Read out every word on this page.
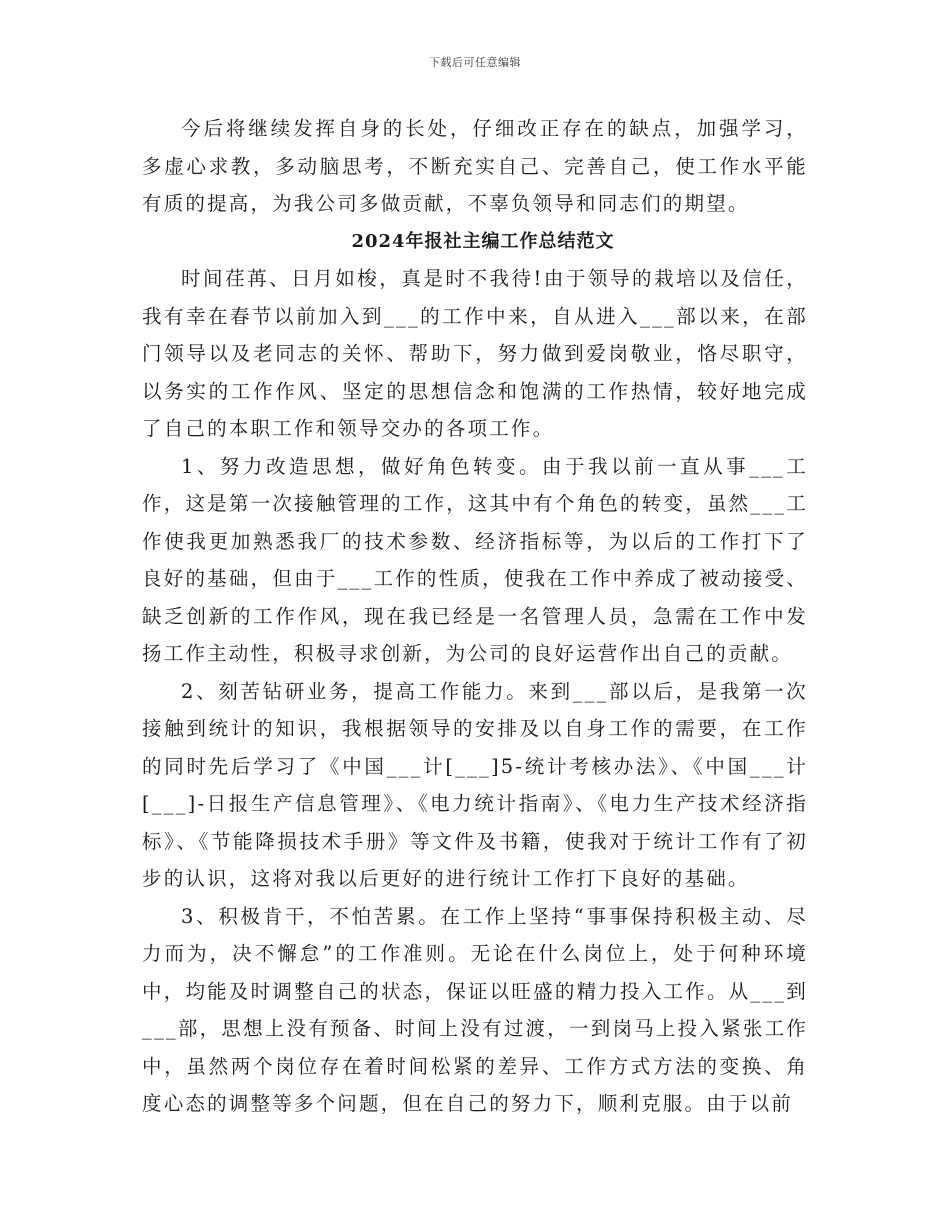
下载后可任意编辑

今后将继续发挥自身的长处，仔细改正存在的缺点，加强学习，多虚心求教，多动脑思考，不断充实自己、完善自己，使工作水平能有质的提高，为我公司多做贡献，不辜负领导和同志们的期望。

2024年报社主编工作总结范文

时间荏苒、日月如梭，真是时不我待!由于领导的栽培以及信任，我有幸在春节以前加入到___的工作中来，自从进入___部以来，在部门领导以及老同志的关怀、帮助下，努力做到爱岗敬业，恪尽职守，以务实的工作作风、坚定的思想信念和饱满的工作热情，较好地完成了自己的本职工作和领导交办的各项工作。

1、努力改造思想，做好角色转变。由于我以前一直从事___工作，这是第一次接触管理的工作，这其中有个角色的转变，虽然___工作使我更加熟悉我厂的技术参数、经济指标等，为以后的工作打下了良好的基础，但由于___工作的性质，使我在工作中养成了被动接受、缺乏创新的工作作风，现在我已经是一名管理人员，急需在工作中发扬工作主动性，积极寻求创新，为公司的良好运营作出自己的贡献。

2、刻苦钻研业务，提高工作能力。来到___部以后，是我第一次接触到统计的知识，我根据领导的安排及以自身工作的需要，在工作的同时先后学习了《中国___计[___]5-统计考核办法》、《中国___计[___]-日报生产信息管理》、《电力统计指南》、《电力生产技术经济指标》、《节能降损技术手册》等文件及书籍，使我对于统计工作有了初步的认识，这将对我以后更好的进行统计工作打下良好的基础。

3、积极肯干，不怕苦累。在工作上坚持“事事保持积极主动、尽力而为，决不懈怠”的工作准则。无论在什么岗位上，处于何种环境中，均能及时调整自己的状态，保证以旺盛的精力投入工作。从___到___部，思想上没有预备、时间上没有过渡，一到岗马上投入紧张工作中，虽然两个岗位存在着时间松紧的差异、工作方式方法的变换、角度心态的调整等多个问题，但在自己的努力下，顺利克服。由于以前
